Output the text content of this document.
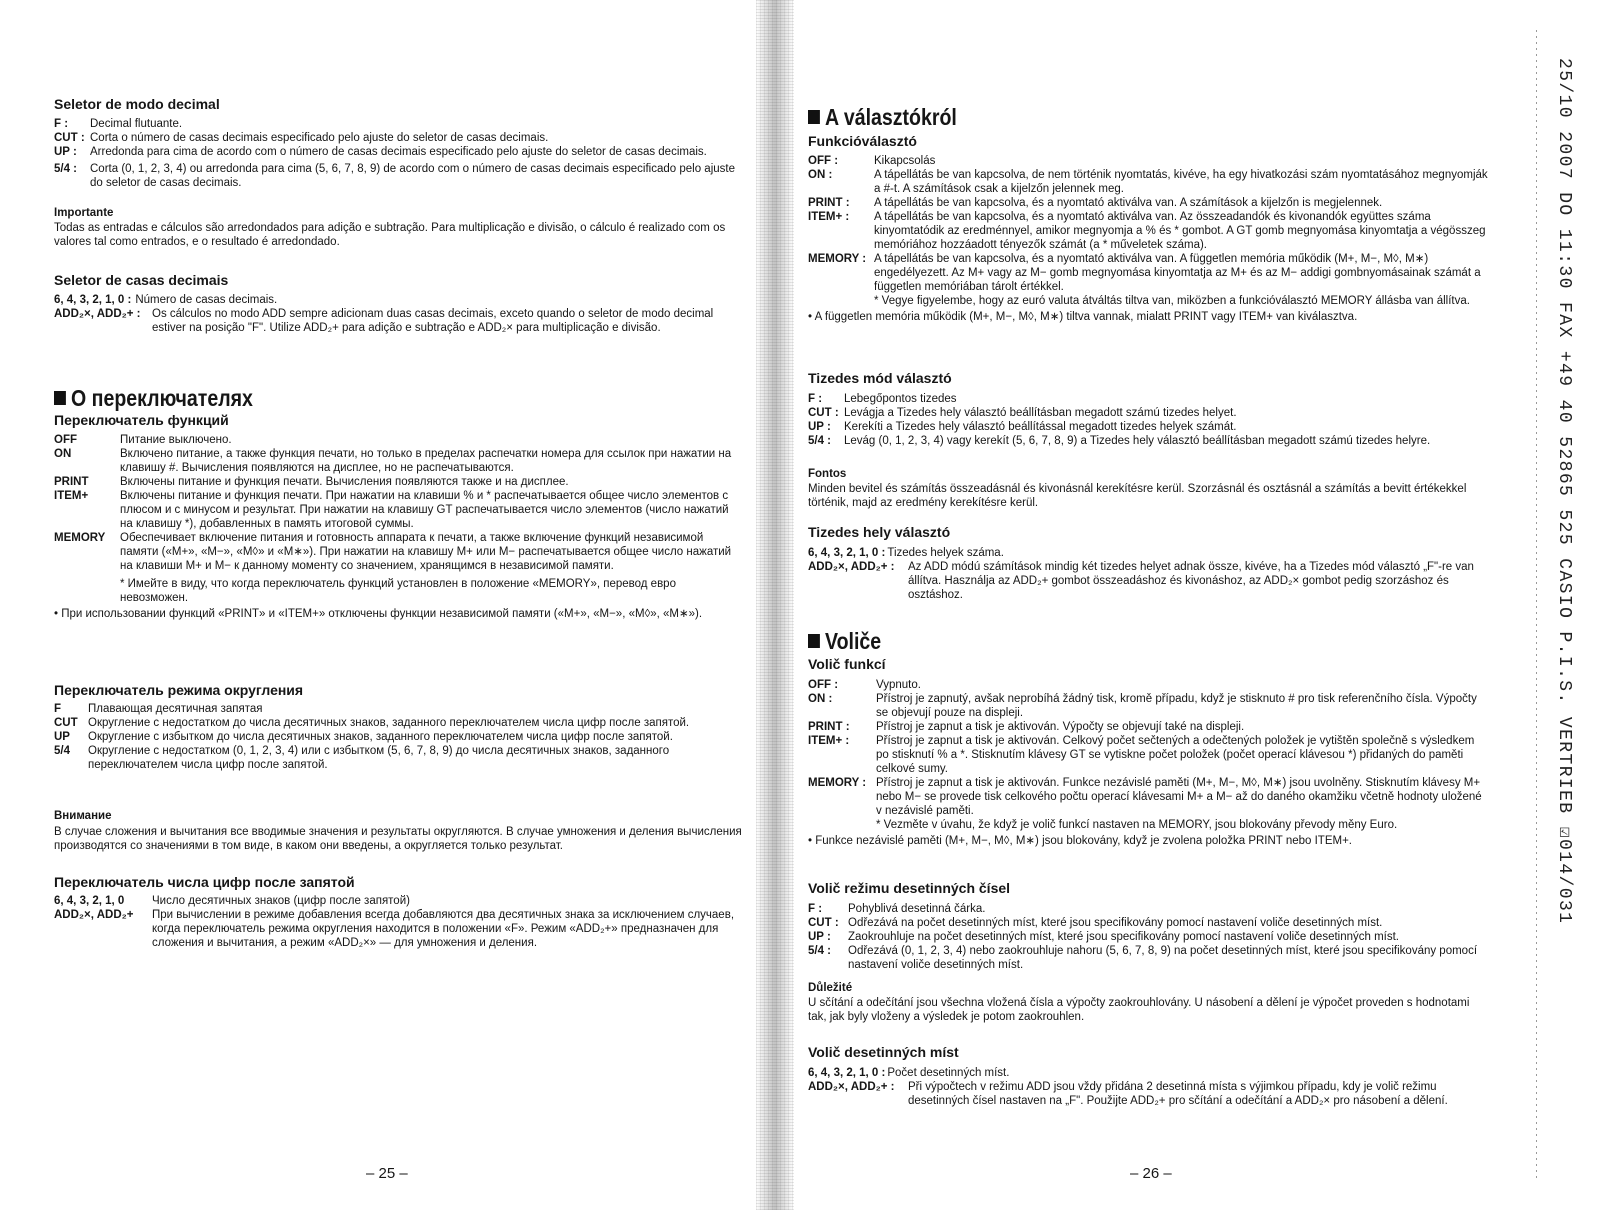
Seletor de modo decimal
F :	Decimal flutuante.
CUT : Corta o número de casas decimais especificado pelo ajuste do seletor de casas decimais.
UP :	Arredonda para cima de acordo com o número de casas decimais especificado pelo ajuste do seletor de casas decimais.
5/4 :	Corta (0, 1, 2, 3, 4) ou arredonda para cima (5, 6, 7, 8, 9) de acordo com o número de casas decimais especificado pelo ajuste do seletor de casas decimais.
Importante
Todas as entradas e cálculos são arredondados para adição e subtração. Para multiplicação e divisão, o cálculo é realizado com os valores tal como entrados, e o resultado é arredondado.
Seletor de casas decimais
6, 4, 3, 2, 1, 0 : Número de casas decimais.
ADD₂×, ADD₂+ :	Os cálculos no modo ADD sempre adicionam duas casas decimais, exceto quando o seletor de modo decimal estiver na posição "F". Utilize ADD₂+ para adição e subtração e ADD₂× para multiplicação e divisão.
О переключателях
Переключатель функций
OFF	Питание выключено.
ON	Включено питание, а также функция печати, но только в пределах распечатки номера для ссылок при нажатии на клавишу #. Вычисления появляются на дисплее, но не распечатываются.
PRINT	Включены питание и функция печати. Вычисления появляются также и на дисплее.
ITEM+	Включены питание и функция печати. При нажатии на клавиши % и * распечатывается общее число элементов с плюсом и с минусом и результат. При нажатии на клавишу GT распечатывается число элементов (число нажатий на клавишу *), добавленных в память итоговой суммы.
MEMORY	Обеспечивает включение питания и готовность аппарата к печати, а также включение функций независимой памяти («M+», «M−», «M◊» и «M∗»). При нажатии на клавишу M+ или M− распечатывается общее число нажатий на клавиши M+ и M− к данному моменту со значением, хранящимся в независимой памяти.
* Имейте в виду, что когда переключатель функций установлен в положение «MEMORY», перевод евро невозможен.
• При использовании функций «PRINT» и «ITEM+» отключены функции независимой памяти («M+», «M−», «M◊», «M∗»).
Переключатель режима округления
F	Плавающая десятичная запятая
CUT Округление с недостатком до числа десятичных знаков, заданного переключателем числа цифр после запятой.
UP	Округление с избытком до числа десятичных знаков, заданного переключателем числа цифр после запятой.
5/4	Округление с недостатком (0, 1, 2, 3, 4) или с избытком (5, 6, 7, 8, 9) до числа десятичных знаков, заданного переключателем числа цифр после запятой.
Внимание
В случае сложения и вычитания все вводимые значения и результаты округляются. В случае умножения и деления вычисления производятся со значениями в том виде, в каком они введены, а округляется только результат.
Переключатель числа цифр после запятой
6, 4, 3, 2, 1, 0	Число десятичных знаков (цифр после запятой)
ADD₂×, ADD₂+	При вычислении в режиме добавления всегда добавляются два десятичных знака за исключением случаев, когда переключатель режима округления находится в положении «F». Режим «ADD₂+» предназначен для сложения и вычитания, а режим «ADD₂×» — для умножения и деления.
– 25 –
A választókról
Funkcióválasztó
OFF :	Kikapcsolás
ON :	A tápellátás be van kapcsolva, de nem történik nyomtatás, kivéve, ha egy hivatkozási szám nyomtatásához megnyomják a #-t. A számítások csak a kijelzőn jelennek meg.
PRINT :	A tápellátás be van kapcsolva, és a nyomtató aktiválva van. A számítások a kijelzőn is megjelennek.
ITEM+ :	A tápellátás be van kapcsolva, és a nyomtató aktiválva van. Az összeadandók és kivonandók együttes száma kinyomtatódik az eredménnyel, amikor megnyomja a % és * gombot. A GT gomb megnyomása kinyomtatja a végösszeg memóriához hozzáadott tényezők számát (a * műveletek száma).
MEMORY : A tápellátás be van kapcsolva, és a nyomtató aktiválva van. A független memória működik (M+, M−, M◊, M∗) engedélyezett. Az M+ vagy az M− gomb megnyomása kinyomtatja az M+ és az M− addigi gombnyomásainak számát a független memóriában tárolt értékkel.
* Vegye figyelembe, hogy az euró valuta átváltás tiltva van, miközben a funkcióválasztó MEMORY állásba van állítva.
• A független memória működik (M+, M−, M◊, M∗) tiltva vannak, mialatt PRINT vagy ITEM+ van kiválasztva.
Tizedes mód választó
F :	Lebegőpontos tizedes
CUT : Levágja a Tizedes hely választó beállításban megadott számú tizedes helyet.
UP :	Kerekíti a Tizedes hely választó beállítással megadott tizedes helyek számát.
5/4 :	Levág (0, 1, 2, 3, 4) vagy kerekít (5, 6, 7, 8, 9) a Tizedes hely választó beállításban megadott számú tizedes helyre.
Fontos
Minden bevitel és számítás összeadásnál és kivonásnál kerekítésre kerül. Szorzásnál és osztásnál a számítás a bevitt értékekkel történik, majd az eredmény kerekítésre kerül.
Tizedes hely választó
6, 4, 3, 2, 1, 0 : Tizedes helyek száma.
ADD₂×, ADD₂+ :	Az ADD módú számítások mindig két tizedes helyet adnak össze, kivéve, ha a Tizedes mód választó „F"-re van állítva. Használja az ADD₂+ gombot összeadáshoz és kivonáshoz, az ADD₂× gombot pedig szorzáshoz és osztáshoz.
Voliče
Volič funkcí
OFF :	Vypnuto.
ON :	Přístroj je zapnutý, avšak neprobíhá žádný tisk, kromě případu, když je stisknuto # pro tisk referenčního čísla. Výpočty se objevují pouze na displeji.
PRINT :	Přístroj je zapnut a tisk je aktivován. Výpočty se objevují také na displeji.
ITEM+ :	Přístroj je zapnut a tisk je aktivován. Celkový počet sečtených a odečtených položek je vytištěn společně s výsledkem po stisknutí % a *. Stisknutím klávesy GT se vytiskne počet položek (počet operací klávesou *) přidaných do paměti celkové sumy.
MEMORY : Přístroj je zapnut a tisk je aktivován. Funkce nezávislé paměti (M+, M−, M◊, M∗) jsou uvolněny. Stisknutím klávesy M+ nebo M− se provede tisk celkového počtu operací klávesami M+ a M− až do daného okamžiku včetně hodnoty uložené v nezávislé paměti.
* Vezměte v úvahu, že když je volič funkcí nastaven na MEMORY, jsou blokovány převody měny Euro.
• Funkce nezávislé paměti (M+, M−, M◊, M∗) jsou blokovány, když je zvolena položka PRINT nebo ITEM+.
Volič režimu desetinných čísel
F :	Pohyblivá desetinná čárka.
CUT : Odřezává na počet desetinných míst, které jsou specifikovány pomocí nastavení voliče desetinných míst.
UP :	Zaokrouhluje na počet desetinných míst, které jsou specifikovány pomocí nastavení voliče desetinných míst.
5/4 :	Odřezává (0, 1, 2, 3, 4) nebo zaokrouhluje nahoru (5, 6, 7, 8, 9) na počet desetinných míst, které jsou specifikovány pomocí nastavení voliče desetinných míst.
Důležité
U sčítání a odečítání jsou všechna vložená čísla a výpočty zaokrouhlovány. U násobení a dělení je výpočet proveden s hodnotami tak, jak byly vloženy a výsledek je potom zaokrouhlen.
Volič desetinných míst
6, 4, 3, 2, 1, 0 : Počet desetinných míst.
ADD₂×, ADD₂+ :	Při výpočtech v režimu ADD jsou vždy přidána 2 desetinná místa s výjimkou případu, kdy je volič režimu desetinných čísel nastaven na „F". Použijte ADD₂+ pro sčítání a odečítání a ADD₂× pro násobení a dělení.
– 26 –
25/10 2007 DO 11:30 FAX +49 40 52865 525 CASIO P.I.S. VERTRIEB ☑014/031
